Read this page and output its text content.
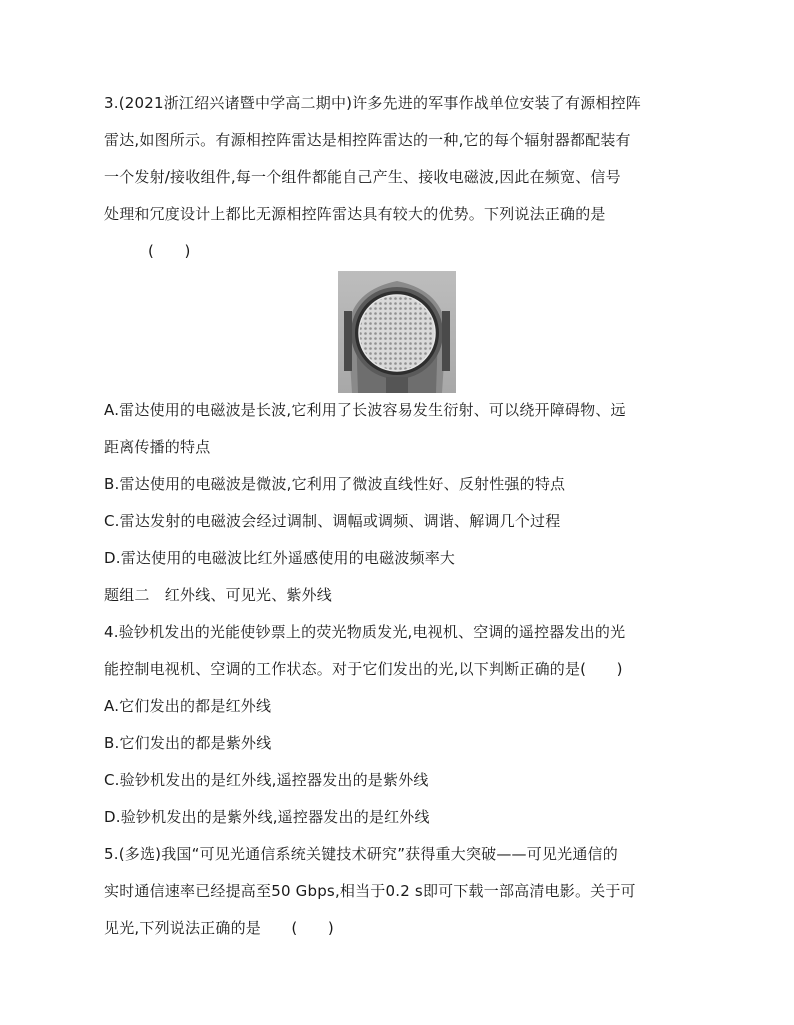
3.(2021浙江绍兴诸暨中学高二期中)许多先进的军事作战单位安装了有源相控阵
雷达,如图所示。有源相控阵雷达是相控阵雷达的一种,它的每个辐射器都配装有
一个发射/接收组件,每一个组件都能自己产生、接收电磁波,因此在频宽、信号
处理和冗度设计上都比无源相控阵雷达具有较大的优势。下列说法正确的是
(　　)
A.雷达使用的电磁波是长波,它利用了长波容易发生衍射、可以绕开障碍物、远
距离传播的特点
B.雷达使用的电磁波是微波,它利用了微波直线性好、反射性强的特点
C.雷达发射的电磁波会经过调制、调幅或调频、调谐、解调几个过程
D.雷达使用的电磁波比红外遥感使用的电磁波频率大
题组二　红外线、可见光、紫外线
4.验钞机发出的光能使钞票上的荧光物质发光,电视机、空调的遥控器发出的光
能控制电视机、空调的工作状态。对于它们发出的光,以下判断正确的是(　　)
A.它们发出的都是红外线
B.它们发出的都是紫外线
C.验钞机发出的是红外线,遥控器发出的是紫外线
D.验钞机发出的是紫外线,遥控器发出的是红外线
5.(多选)我国“可见光通信系统关键技术研究”获得重大突破——可见光通信的
实时通信速率已经提高至50 Gbps,相当于0.2 s即可下载一部高清电影。关于可
见光,下列说法正确的是　　(　　)
